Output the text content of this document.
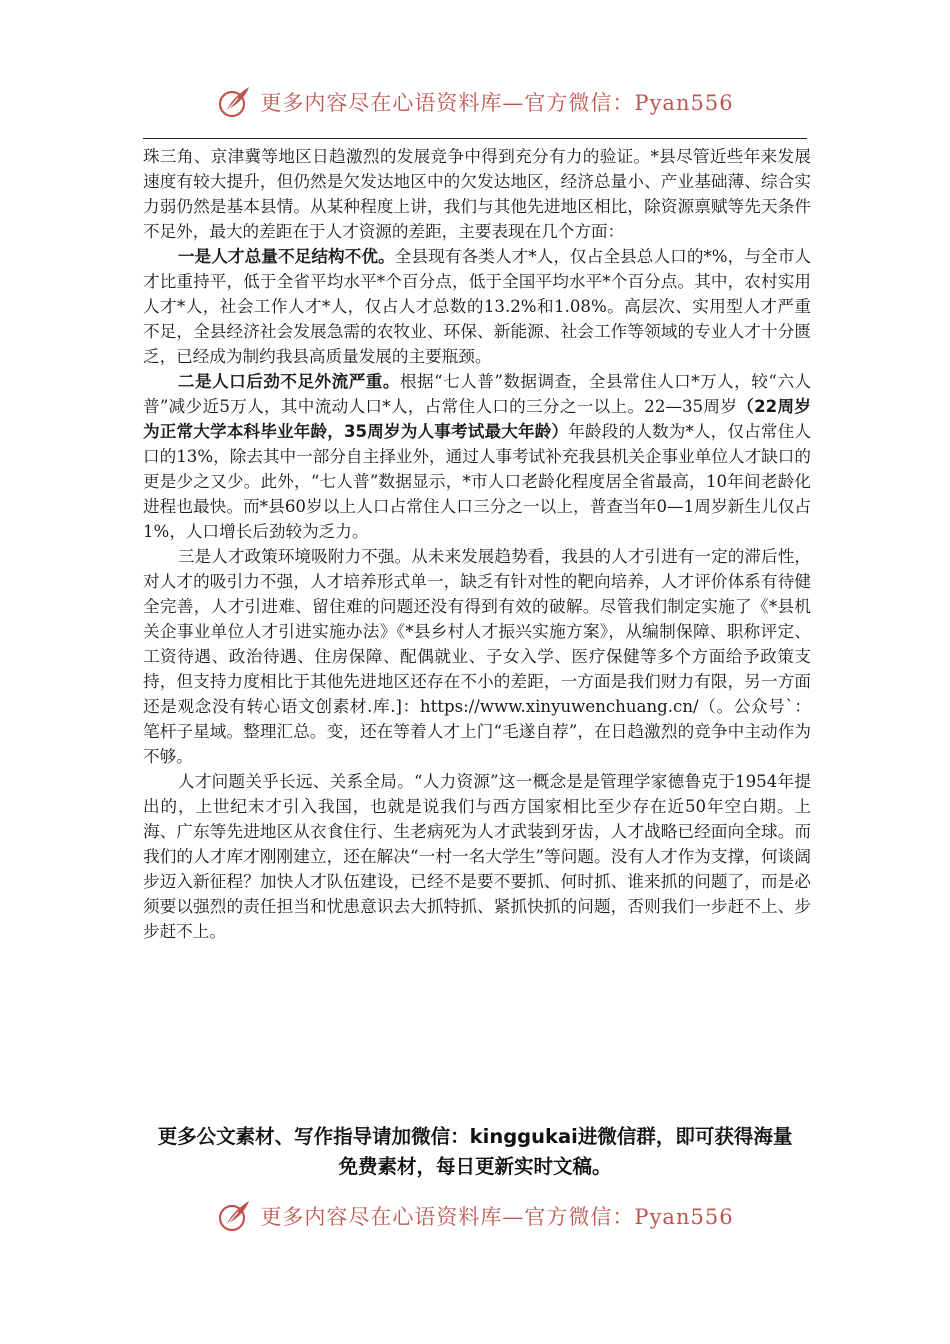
更多内容尽在心语资料库—官方微信：Pyan556

珠三角、京津冀等地区日趋激烈的发展竞争中得到充分有力的验证。*县尽管近些年来发展速度有较大提升，但仍然是欠发达地区中的欠发达地区，经济总量小、产业基础薄、综合实力弱仍然是基本县情。从某种程度上讲，我们与其他先进地区相比，除资源禀赋等先天条件不足外，最大的差距在于人才资源的差距，主要表现在几个方面：

一是人才总量不足结构不优。全县现有各类人才*人，仅占全县总人口的*%，与全市人才比重持平，低于全省平均水平*个百分点，低于全国平均水平*个百分点。其中，农村实用人才*人，社会工作人才*人，仅占人才总数的13.2%和1.08%。高层次、实用型人才严重不足，全县经济社会发展急需的农牧业、环保、新能源、社会工作等领域的专业人才十分匮乏，已经成为制约我县高质量发展的主要瓶颈。

二是人口后劲不足外流严重。根据“七人普”数据调查，全县常住人口*万人，较“六人普”减少近5万人，其中流动人口*人，占常住人口的三分之一以上。22—35周岁（22周岁为正常大学本科毕业年龄，35周岁为人事考试最大年龄）年龄段的人数为*人，仅占常住人口的13%，除去其中一部分自主择业外，通过人事考试补充我县机关企事业单位人才缺口的更是少之又少。此外，“七人普”数据显示，*市人口老龄化程度居全省最高，10年间老龄化进程也最快。而*县60岁以上人口占常住人口三分之一以上，普查当年0—1周岁新生儿仅占1%，人口增长后劲较为乏力。

三是人才政策环境吸附力不强。从未来发展趋势看，我县的人才引进有一定的滞后性，对人才的吸引力不强，人才培养形式单一，缺乏有针对性的靶向培养，人才评价体系有待健全完善，人才引进难、留住难的问题还没有得到有效的破解。尽管我们制定实施了《*县机关企事业单位人才引进实施办法》《*县乡村人才振兴实施方案》，从编制保障、职称评定、工资待遇、政治待遇、住房保障、配偶就业、子女入学、医疗保健等多个方面给予政策支持，但支持力度相比于其他先进地区还存在不小的差距，一方面是我们财力有限，另一方面还是观念没有转心语文创素材.库.]：https://www.xinyuwenchuang.cn/（。公众号`：笔杆子星域。整理汇总。变，还在等着人才上门“毛遂自荐”，在日趋激烈的竞争中主动作为不够。

人才问题关乎长远、关系全局。“人力资源”这一概念是是管理学家德鲁克于1954年提出的，上世纪末才引入我国，也就是说我们与西方国家相比至少存在近50年空白期。上海、广东等先进地区从衣食住行、生老病死为人才武装到牙齿，人才战略已经面向全球。而我们的人才库才刚刚建立，还在解决“一村一名大学生”等问题。没有人才作为支撑，何谈阔步迈入新征程？加快人才队伍建设，已经不是要不要抓、何时抓、谁来抓的问题了，而是必须要以强烈的责任担当和忧患意识去大抓特抓、紧抓快抓的问题，否则我们一步赶不上、步步赶不上。

更多公文素材、写作指导请加微信：kinggukai进微信群，即可获得海量免费素材，每日更新实时文稿。
更多内容尽在心语资料库—官方微信：Pyan556
